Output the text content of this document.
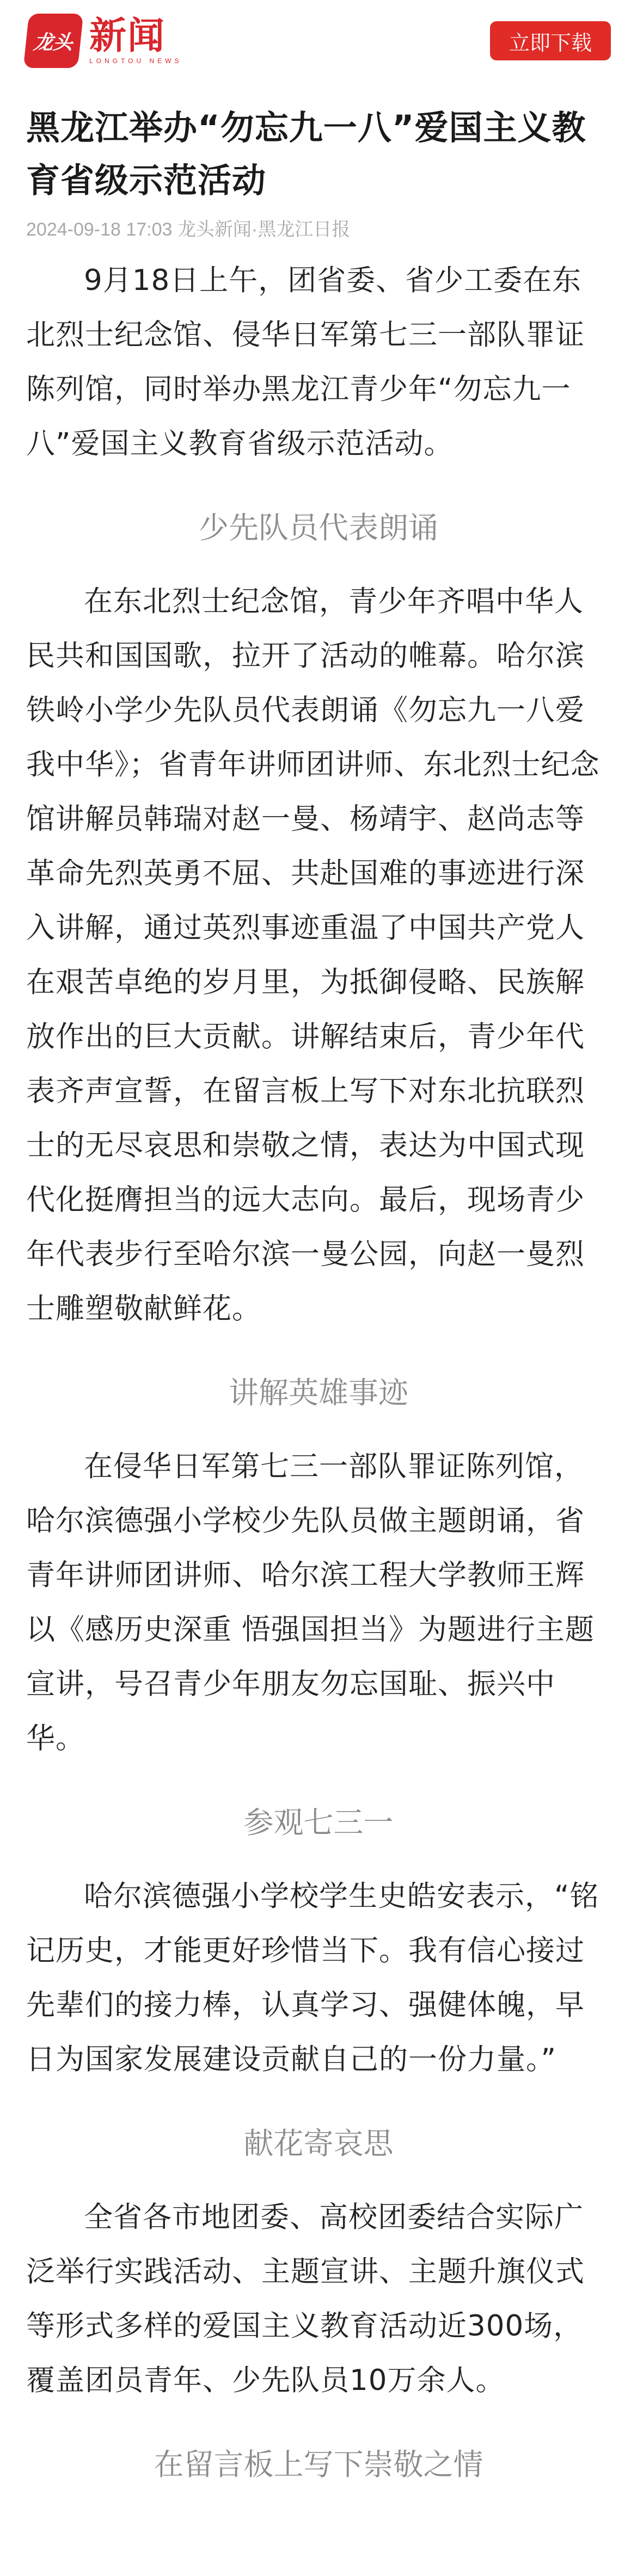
龙头 新闻
LONGTOU NEWS
立即下载
黑龙江举办“勿忘九一八”爱国主义教育省级示范活动
2024-09-18 17:03 龙头新闻·黑龙江日报

9月18日上午，团省委、省少工委在东北烈士纪念馆、侵华日军第七三一部队罪证陈列馆，同时举办黑龙江青少年“勿忘九一八”爱国主义教育省级示范活动。

少先队员代表朗诵

在东北烈士纪念馆，青少年齐唱中华人民共和国国歌，拉开了活动的帷幕。哈尔滨铁岭小学少先队员代表朗诵《勿忘九一八爱我中华》；省青年讲师团讲师、东北烈士纪念馆讲解员韩瑞对赵一曼、杨靖宇、赵尚志等革命先烈英勇不屈、共赴国难的事迹进行深入讲解，通过英烈事迹重温了中国共产党人在艰苦卓绝的岁月里，为抵御侵略、民族解放作出的巨大贡献。讲解结束后，青少年代表齐声宣誓，在留言板上写下对东北抗联烈士的无尽哀思和崇敬之情，表达为中国式现代化挺膺担当的远大志向。最后，现场青少年代表步行至哈尔滨一曼公园，向赵一曼烈士雕塑敬献鲜花。

讲解英雄事迹

在侵华日军第七三一部队罪证陈列馆，哈尔滨德强小学校少先队员做主题朗诵，省青年讲师团讲师、哈尔滨工程大学教师王辉以《感历史深重 悟强国担当》为题进行主题宣讲，号召青少年朋友勿忘国耻、振兴中华。

参观七三一

哈尔滨德强小学校学生史皓安表示，“铭记历史，才能更好珍惜当下。我有信心接过先辈们的接力棒，认真学习、强健体魄，早日为国家发展建设贡献自己的一份力量。”

献花寄哀思

全省各市地团委、高校团委结合实际广泛举行实践活动、主题宣讲、主题升旗仪式等形式多样的爱国主义教育活动近300场，覆盖团员青年、少先队员10万余人。

在留言板上写下崇敬之情
